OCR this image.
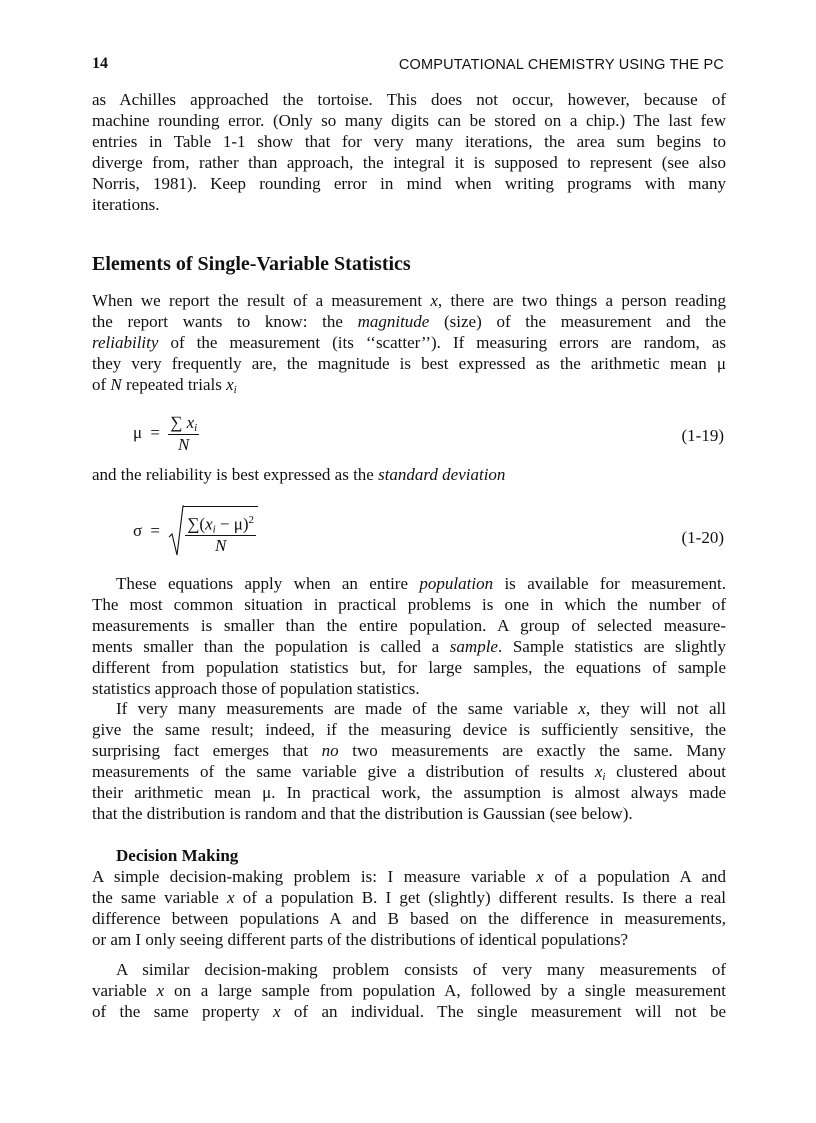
14	COMPUTATIONAL CHEMISTRY USING THE PC
as Achilles approached the tortoise. This does not occur, however, because of
machine rounding error. (Only so many digits can be stored on a chip.) The last few
entries in Table 1-1 show that for very many iterations, the area sum begins to
diverge from, rather than approach, the integral it is supposed to represent (see also
Norris, 1981). Keep rounding error in mind when writing programs with many
iterations.
Elements of Single-Variable Statistics
When we report the result of a measurement x, there are two things a person reading
the report wants to know: the magnitude (size) of the measurement and the
reliability of the measurement (its ‘‘scatter’’). If measuring errors are random, as
they very frequently are, the magnitude is best expressed as the arithmetic mean μ
of N repeated trials $x_i$
$\mu = \frac{\sum x_i}{N}$	(1-19)
and the reliability is best expressed as the standard deviation
$\sigma = \frac{\sum(x_i - \mu)^2}{N}$	(1-20)
These equations apply when an entire population is available for measurement.
The most common situation in practical problems is one in which the number of
measurements is smaller than the entire population. A group of selected measure-
ments smaller than the population is called a sample. Sample statistics are slightly
different from population statistics but, for large samples, the equations of sample
statistics approach those of population statistics.
If very many measurements are made of the same variable x, they will not all
give the same result; indeed, if the measuring device is sufficiently sensitive, the
surprising fact emerges that no two measurements are exactly the same. Many
measurements of the same variable give a distribution of results $x_i$ clustered about
their arithmetic mean μ. In practical work, the assumption is almost always made
that the distribution is random and that the distribution is Gaussian (see below).
Decision Making
A simple decision-making problem is: I measure variable x of a population A and
the same variable x of a population B. I get (slightly) different results. Is there a real
difference between populations A and B based on the difference in measurements,
or am I only seeing different parts of the distributions of identical populations?
A similar decision-making problem consists of very many measurements of
variable x on a large sample from population A, followed by a single measurement
of the same property x of an individual. The single measurement will not be
